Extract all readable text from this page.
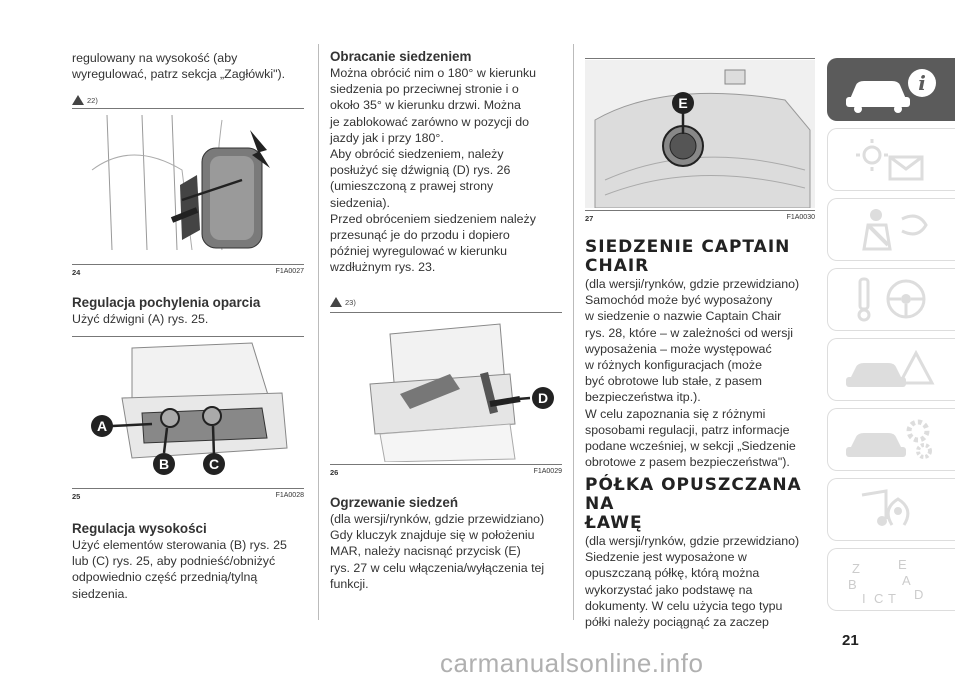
regulowany na wysokość (aby

wyregulować, patrz sekcja „Zagłówki").

22)
24	F1A0027
Regulacja pochylenia oparcia

Użyć dźwigni (A) rys. 25.

A
B	C
25	F1A0028
Regulacja wysokości

Użyć elementów sterowania (B) rys. 25

lub (C) rys. 25, aby podnieść/obniżyć

odpowiednio część przednią/tylną

siedzenia.

Obracanie siedzeniem

Można obrócić nim o 180° w kierunku

siedzenia po przeciwnej stronie i o

około 35° w kierunku drzwi. Można

je zablokować zarówno w pozycji do

jazdy jak i przy 180°.

Aby obrócić siedzeniem, należy

posłużyć się dźwignią (D) rys. 26

(umieszczoną z prawej strony

siedzenia).

Przed obróceniem siedzeniem należy

przesunąć je do przodu i dopiero

później wyregulować w kierunku

wzdłużnym rys. 23.

23)
D
26	F1A0029
Ogrzewanie siedzeń

(dla wersji/rynków, gdzie przewidziano)

Gdy kluczyk znajduje się w położeniu

MAR, należy nacisnąć przycisk (E)

rys. 27 w celu włączenia/wyłączenia tej

funkcji.

E
27	F1A0030
SIEDZENIE CAPTAIN
CHAIR

(dla wersji/rynków, gdzie przewidziano)

Samochód może być wyposażony

w siedzenie o nazwie Captain Chair

rys. 28, które – w zależności od wersji

wyposażenia – może występować

w różnych konfiguracjach (może

być obrotowe lub stałe, z pasem

bezpieczeństwa itp.).

W celu zapoznania się z różnymi

sposobami regulacji, patrz informacje

podane wcześniej, w sekcji „Siedzenie

obrotowe z pasem bezpieczeństwa").

PÓŁKA OPUSZCZANA NA
ŁAWĘ

(dla wersji/rynków, gdzie przewidziano)

Siedzenie jest wyposażone w

opuszczaną półkę, którą można

wykorzystać jako podstawę na

dokumenty. W celu użycia tego typu

półki należy pociągnąć za zaczep

i
Z	E
B	A
I C T D
21
carmanualsonline.info
